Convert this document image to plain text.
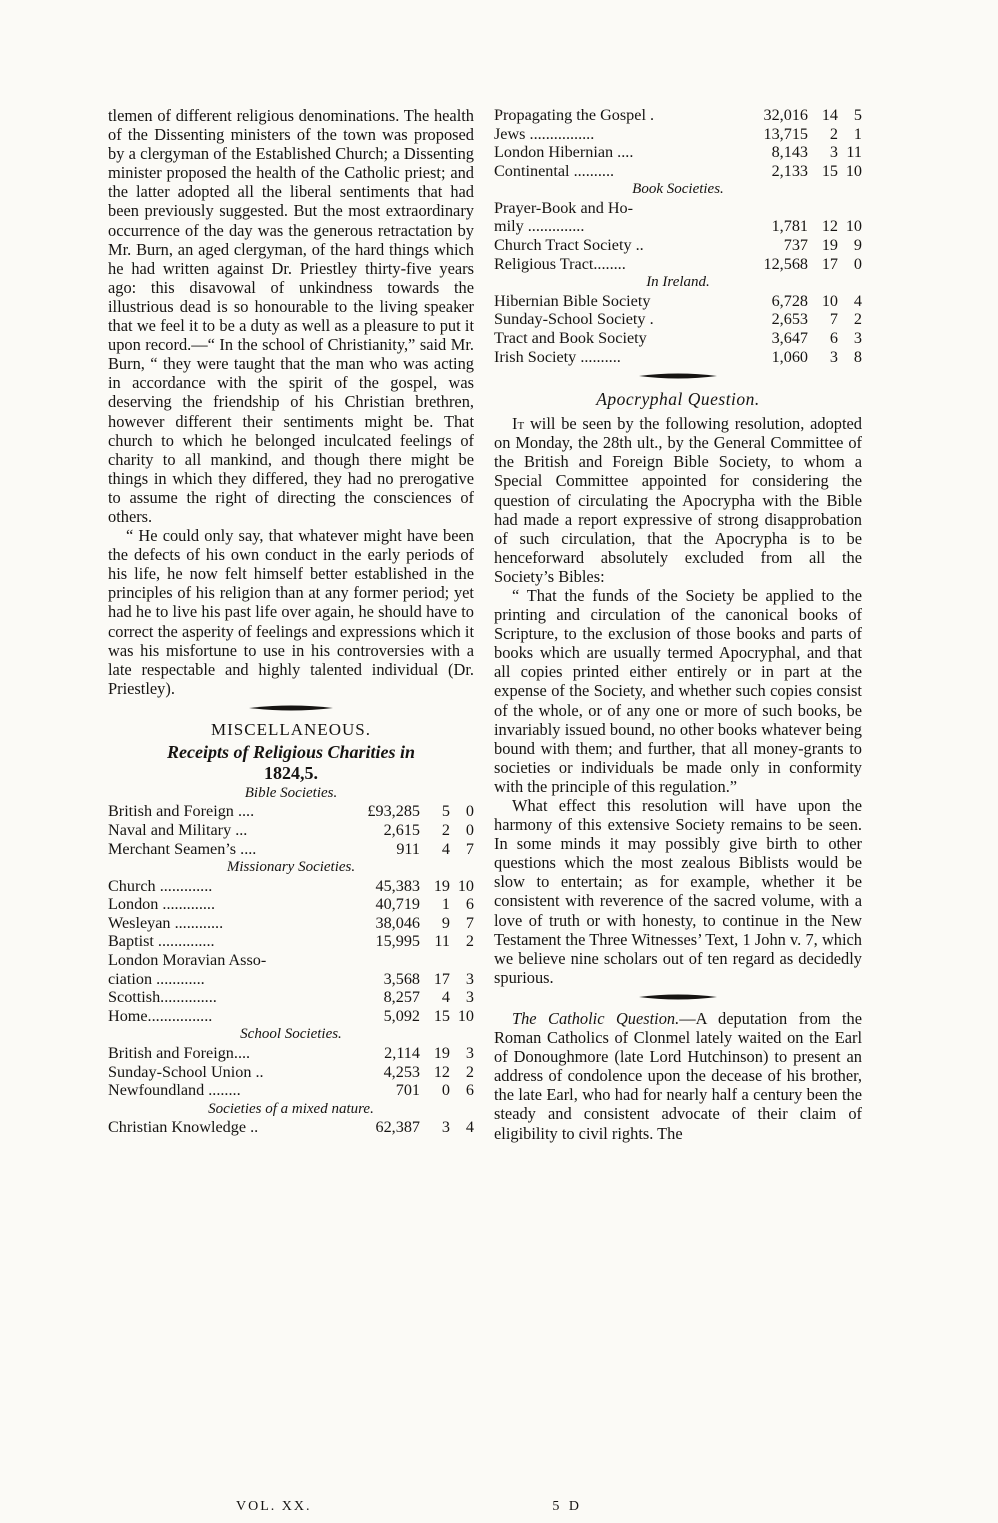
tlemen of different religious denominations. The health of the Dissenting ministers of the town was proposed by a clergyman of the Established Church; a Dissenting minister proposed the health of the Catholic priest; and the latter adopted all the liberal sentiments that had been previously suggested. But the most extraordinary occurrence of the day was the generous retractation by Mr. Burn, an aged clergyman, of the hard things which he had written against Dr. Priestley thirty-five years ago: this disavowal of unkindness towards the illustrious dead is so honourable to the living speaker that we feel it to be a duty as well as a pleasure to put it upon record.—“ In the school of Christianity,” said Mr. Burn, “ they were taught that the man who was acting in accordance with the spirit of the gospel, was deserving the friendship of his Christian brethren, however different their sentiments might be. That church to which he belonged inculcated feelings of charity to all mankind, and though there might be things in which they differed, they had no prerogative to assume the right of directing the consciences of others.

“ He could only say, that whatever might have been the defects of his own conduct in the early periods of his life, he now felt himself better established in the principles of his religion than at any former period; yet had he to live his past life over again, he should have to correct the asperity of feelings and expressions which it was his misfortune to use in his controversies with a late respectable and highly talented individual (Dr. Priestley).

MISCELLANEOUS.
Receipts of Religious Charities in
1824,5.
Bible Societies.
British and Foreign ....	£93,285	5	0
Naval and Military ...	2,615	2	0
Merchant Seamen’s ....	911	4	7
Missionary Societies.
Church .............	45,383	19	10
London .............	40,719	1	6
Wesleyan ............	38,046	9	7
Baptist ..............	15,995	11	2
London Moravian Asso-			
ciation ............	3,568	17	3
Scottish..............	8,257	4	3
Home................	5,092	15	10
School Societies.
British and Foreign....	2,114	19	3
Sunday-School Union ..	4,253	12	2
Newfoundland ........	701	0	6
Societies of a mixed nature.
Christian Knowledge ..	62,387	3	4
VOL. XX.	5 D
Propagating the Gospel .	32,016	14	5
Jews ................	13,715	2	1
London Hibernian ....	8,143	3	11
Continental ..........	2,133	15	10
Book Societies.
Prayer-Book and Ho-			
mily ..............	1,781	12	10
Church Tract Society ..	737	19	9
Religious Tract........	12,568	17	0
In Ireland.
Hibernian Bible Society	6,728	10	4
Sunday-School Society .	2,653	7	2
Tract and Book Society	3,647	6	3
Irish Society ..........	1,060	3	8
Apocryphal Question.

It will be seen by the following resolution, adopted on Monday, the 28th ult., by the General Committee of the British and Foreign Bible Society, to whom a Special Committee appointed for considering the question of circulating the Apocrypha with the Bible had made a report expressive of strong disapprobation of such circulation, that the Apocrypha is to be henceforward absolutely excluded from all the Society’s Bibles:

“ That the funds of the Society be applied to the printing and circulation of the canonical books of Scripture, to the exclusion of those books and parts of books which are usually termed Apocryphal, and that all copies printed either entirely or in part at the expense of the Society, and whether such copies consist of the whole, or of any one or more of such books, be invariably issued bound, no other books whatever being bound with them; and further, that all money-grants to societies or individuals be made only in conformity with the principle of this regulation.”

What effect this resolution will have upon the harmony of this extensive Society remains to be seen. In some minds it may possibly give birth to other questions which the most zealous Biblists would be slow to entertain; as for example, whether it be consistent with reverence of the sacred volume, with a love of truth or with honesty, to continue in the New Testament the Three Witnesses’ Text, 1 John v. 7, which we believe nine scholars out of ten regard as decidedly spurious.

The Catholic Question.—A deputation from the Roman Catholics of Clonmel lately waited on the Earl of Donoughmore (late Lord Hutchinson) to present an address of condolence upon the decease of his brother, the late Earl, who had for nearly half a century been the steady and consistent advocate of their claim of eligibility to civil rights. The
